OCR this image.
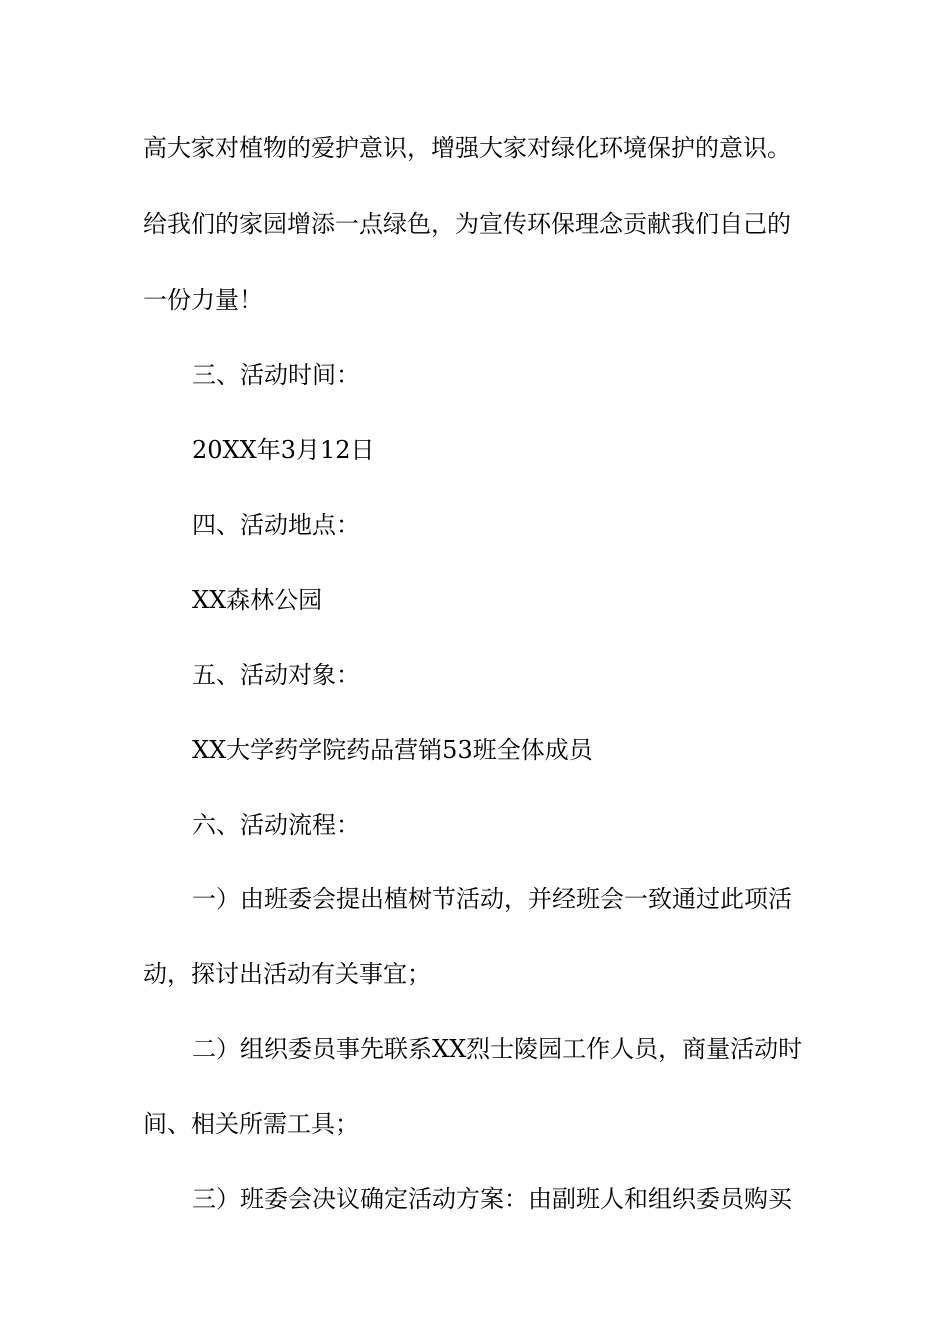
高大家对植物的爱护意识，增强大家对绿化环境保护的意识。
给我们的家园增添一点绿色，为宣传环保理念贡献我们自己的
一份力量！
三、活动时间：
20XX年3月12日
四、活动地点：
XX森林公园
五、活动对象：
XX大学药学院药品营销53班全体成员
六、活动流程：
一）由班委会提出植树节活动，并经班会一致通过此项活
动，探讨出活动有关事宜；
二）组织委员事先联系XX烈士陵园工作人员，商量活动时
间、相关所需工具；
三）班委会决议确定活动方案：由副班人和组织委员购买
